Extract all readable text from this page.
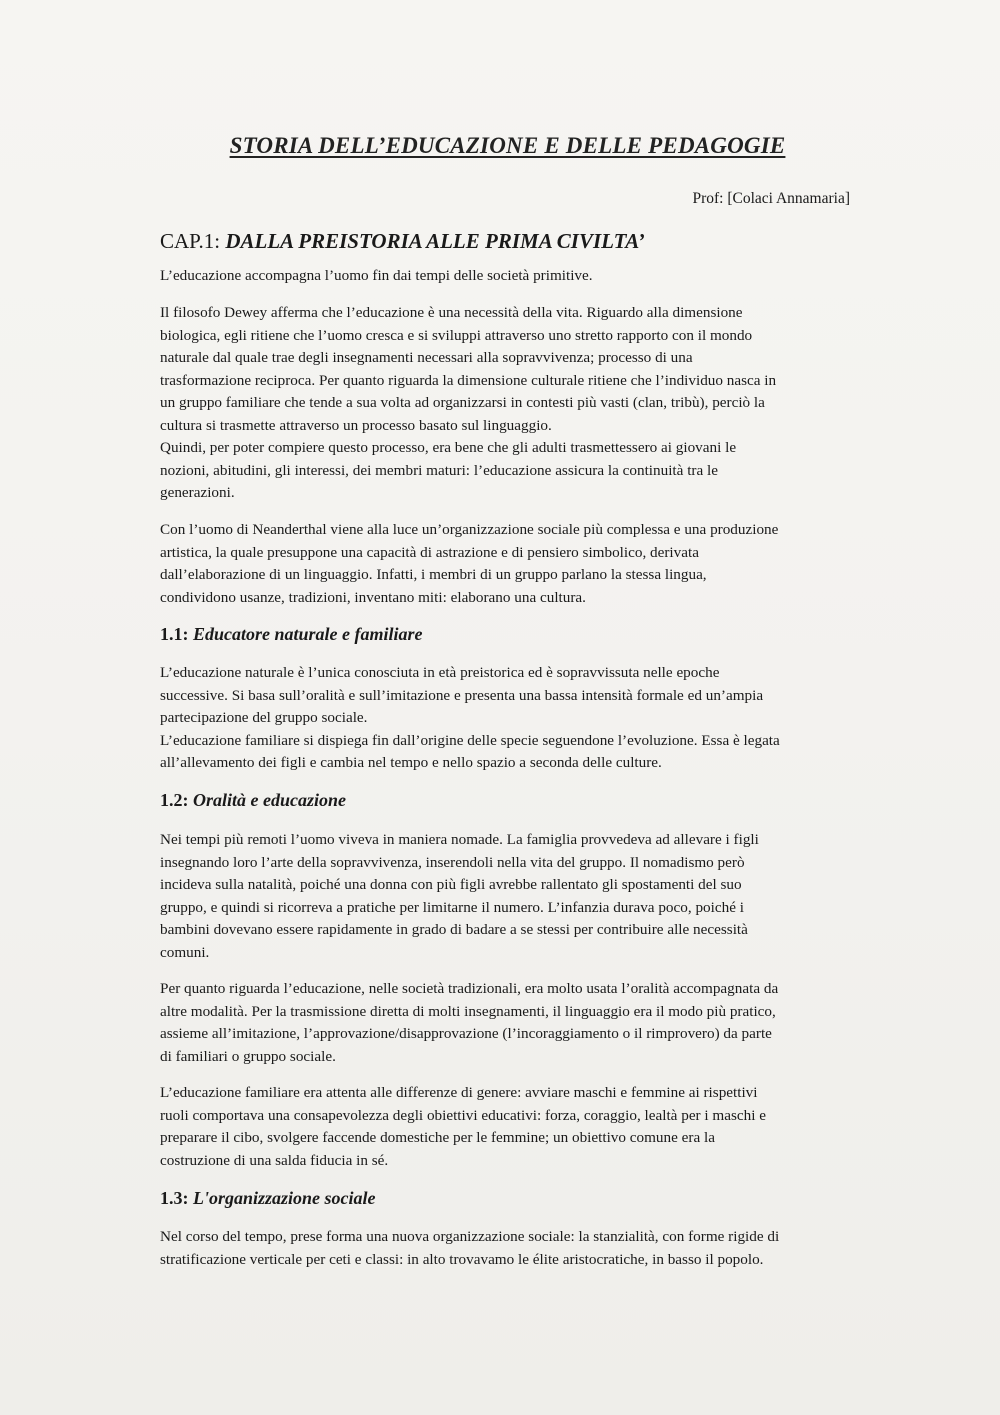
STORIA DELL’EDUCAZIONE E DELLE PEDAGOGIE

Prof: [Colaci Annamaria]

CAP.1: DALLA PREISTORIA ALLE PRIMA CIVILTA’

L’educazione accompagna l’uomo fin dai tempi delle società primitive.

Il filosofo Dewey afferma che l’educazione è una necessità della vita. Riguardo alla dimensione
biologica, egli ritiene che l’uomo cresca e si sviluppi attraverso uno stretto rapporto con il mondo
naturale dal quale trae degli insegnamenti necessari alla sopravvivenza; processo di una
trasformazione reciproca. Per quanto riguarda la dimensione culturale ritiene che l’individuo nasca in
un gruppo familiare che tende a sua volta ad organizzarsi in contesti più vasti (clan, tribù), perciò la
cultura si trasmette attraverso un processo basato sul linguaggio.
Quindi, per poter compiere questo processo, era bene che gli adulti trasmettessero ai giovani le
nozioni, abitudini, gli interessi, dei membri maturi: l’educazione assicura la continuità tra le
generazioni.

Con l’uomo di Neanderthal viene alla luce un’organizzazione sociale più complessa e una produzione
artistica, la quale presuppone una capacità di astrazione e di pensiero simbolico, derivata
dall’elaborazione di un linguaggio. Infatti, i membri di un gruppo parlano la stessa lingua,
condividono usanze, tradizioni, inventano miti: elaborano una cultura.

1.1: Educatore naturale e familiare

L’educazione naturale è l’unica conosciuta in età preistorica ed è sopravvissuta nelle epoche
successive. Si basa sull’oralità e sull’imitazione e presenta una bassa intensità formale ed un’ampia
partecipazione del gruppo sociale.
L’educazione familiare si dispiega fin dall’origine delle specie seguendone l’evoluzione. Essa è legata
all’allevamento dei figli e cambia nel tempo e nello spazio a seconda delle culture.

1.2: Oralità e educazione

Nei tempi più remoti l’uomo viveva in maniera nomade. La famiglia provvedeva ad allevare i figli
insegnando loro l’arte della sopravvivenza, inserendoli nella vita del gruppo. Il nomadismo però
incideva sulla natalità, poiché una donna con più figli avrebbe rallentato gli spostamenti del suo
gruppo, e quindi si ricorreva a pratiche per limitarne il numero. L’infanzia durava poco, poiché i
bambini dovevano essere rapidamente in grado di badare a se stessi per contribuire alle necessità
comuni.

Per quanto riguarda l’educazione, nelle società tradizionali, era molto usata l’oralità accompagnata da
altre modalità. Per la trasmissione diretta di molti insegnamenti, il linguaggio era il modo più pratico,
assieme all’imitazione, l’approvazione/disapprovazione (l’incoraggiamento o il rimprovero) da parte
di familiari o gruppo sociale.

L’educazione familiare era attenta alle differenze di genere: avviare maschi e femmine ai rispettivi
ruoli comportava una consapevolezza degli obiettivi educativi: forza, coraggio, lealtà per i maschi e
preparare il cibo, svolgere faccende domestiche per le femmine; un obiettivo comune era la
costruzione di una salda fiducia in sé.

1.3: L'organizzazione sociale

Nel corso del tempo, prese forma una nuova organizzazione sociale: la stanzialità, con forme rigide di
stratificazione verticale per ceti e classi: in alto trovavamo le élite aristocratiche, in basso il popolo.
